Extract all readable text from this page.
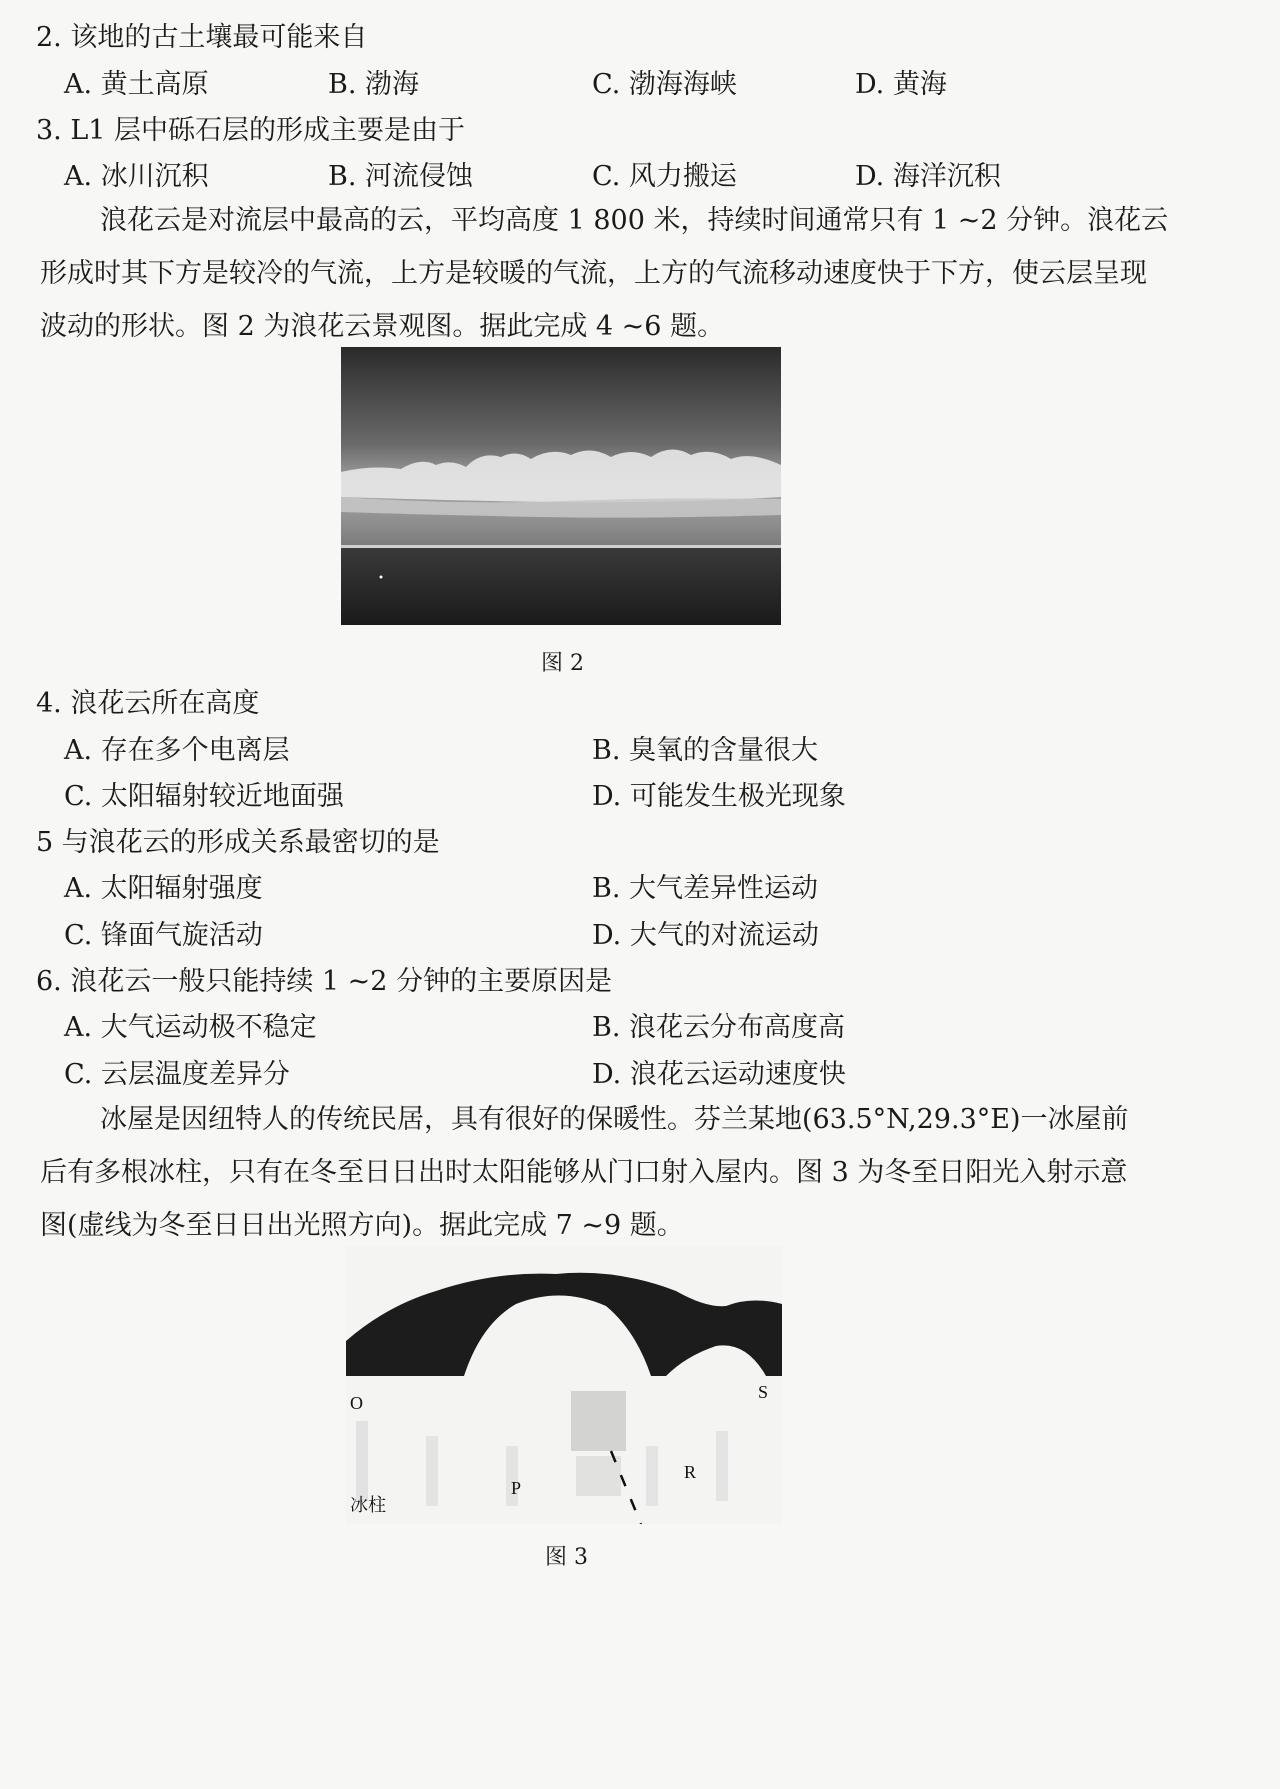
2. 该地的古土壤最可能来自
A. 黄土高原	B. 渤海	C. 渤海海峡	D. 黄海
3. L1 层中砾石层的形成主要是由于
A. 冰川沉积	B. 河流侵蚀	C. 风力搬运	D. 海洋沉积
浪花云是对流层中最高的云，平均高度 1 800 米，持续时间通常只有 1 ~2 分钟。浪花云
形成时其下方是较冷的气流，上方是较暖的气流，上方的气流移动速度快于下方，使云层呈现
波动的形状。图 2 为浪花云景观图。据此完成 4 ~6 题。
图 2
4. 浪花云所在高度
A. 存在多个电离层	B. 臭氧的含量很大
C. 太阳辐射较近地面强	D. 可能发生极光现象
5 与浪花云的形成关系最密切的是
A. 太阳辐射强度	B. 大气差异性运动
C. 锋面气旋活动	D. 大气的对流运动
6. 浪花云一般只能持续 1 ~2 分钟的主要原因是
A. 大气运动极不稳定	B. 浪花云分布高度高
C. 云层温度差异分	D. 浪花云运动速度快
冰屋是因纽特人的传统民居，具有很好的保暖性。芬兰某地(63.5°N,29.3°E)一冰屋前
后有多根冰柱，只有在冬至日日出时太阳能够从门口射入屋内。图 3 为冬至日阳光入射示意
图(虚线为冬至日日出光照方向)。据此完成 7 ~9 题。
O
S
P
R
冰柱
图 3
